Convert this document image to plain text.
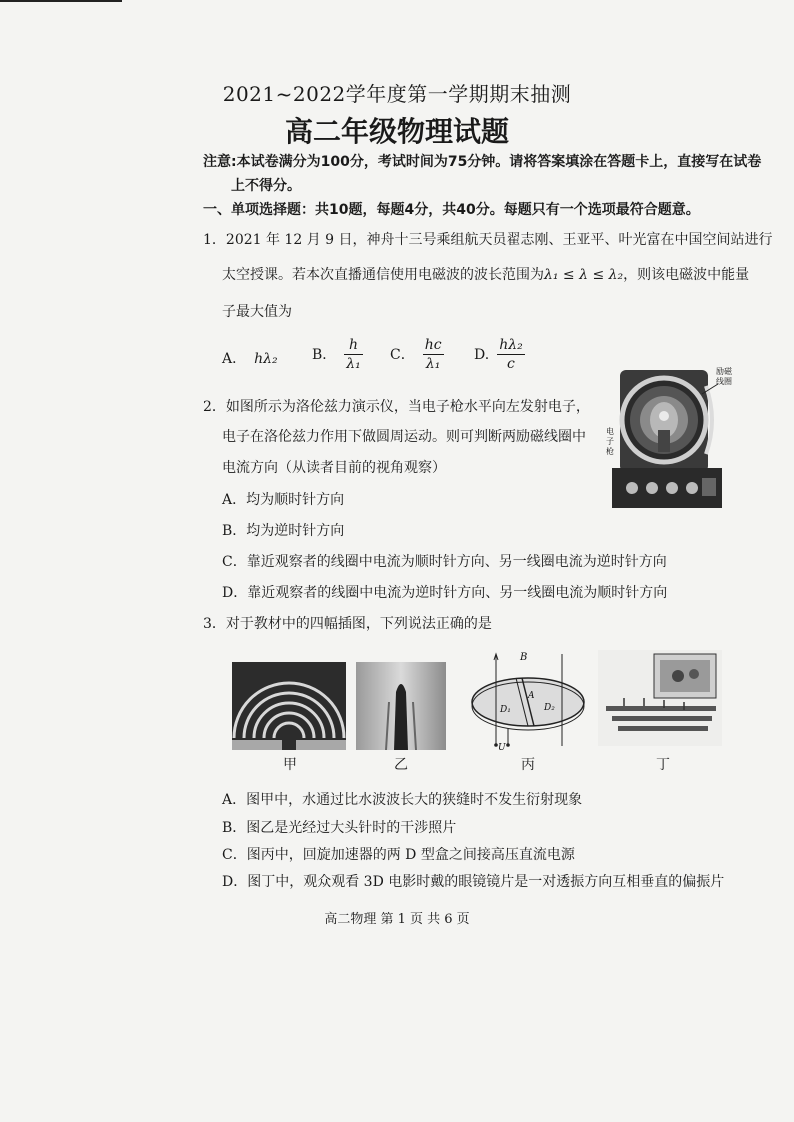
2021~2022学年度第一学期期末抽测
高二年级物理试题
注意:本试卷满分为100分，考试时间为75分钟。请将答案填涂在答题卡上，直接写在试卷
上不得分。
一、单项选择题：共10题，每题4分，共40分。每题只有一个选项最符合题意。
1．2021 年 12 月 9 日，神舟十三号乘组航天员翟志刚、王亚平、叶光富在中国空间站进行
太空授课。若本次直播通信使用电磁波的波长范围为λ₁ ≤ λ ≤ λ₂，则该电磁波中能量
子最大值为
A． hλ₂ B． $\frac{h}{\text{λ₁}}$ C． $\frac{hc}{\text{λ₁}} D$. $\frac{\text{hλ₂}}{c}$
2．如图所示为洛伦兹力演示仪，当电子枪水平向左发射电子，
电子在洛伦兹力作用下做圆周运动。则可判断两励磁线圈中
电流方向（从读者目前的视角观察）
A．均为顺时针方向
B．均为逆时针方向
C．靠近观察者的线圈中电流为顺时针方向、另一线圈电流为逆时针方向
D．靠近观察者的线圈中电流为逆时针方向、另一线圈电流为顺时针方向
励磁
线圈
电
子
枪
3．对于教材中的四幅插图，下列说法正确的是
甲	乙
B
A
D₁	D₂
U
丙	丁
A．图甲中，水通过比水波波长大的狭缝时不发生衍射现象
B．图乙是光经过大头针时的干涉照片
C．图丙中，回旋加速器的两 D 型盒之间接高压直流电源
D．图丁中，观众观看 3D 电影时戴的眼镜镜片是一对透振方向互相垂直的偏振片
高二物理 第 1 页 共 6 页
